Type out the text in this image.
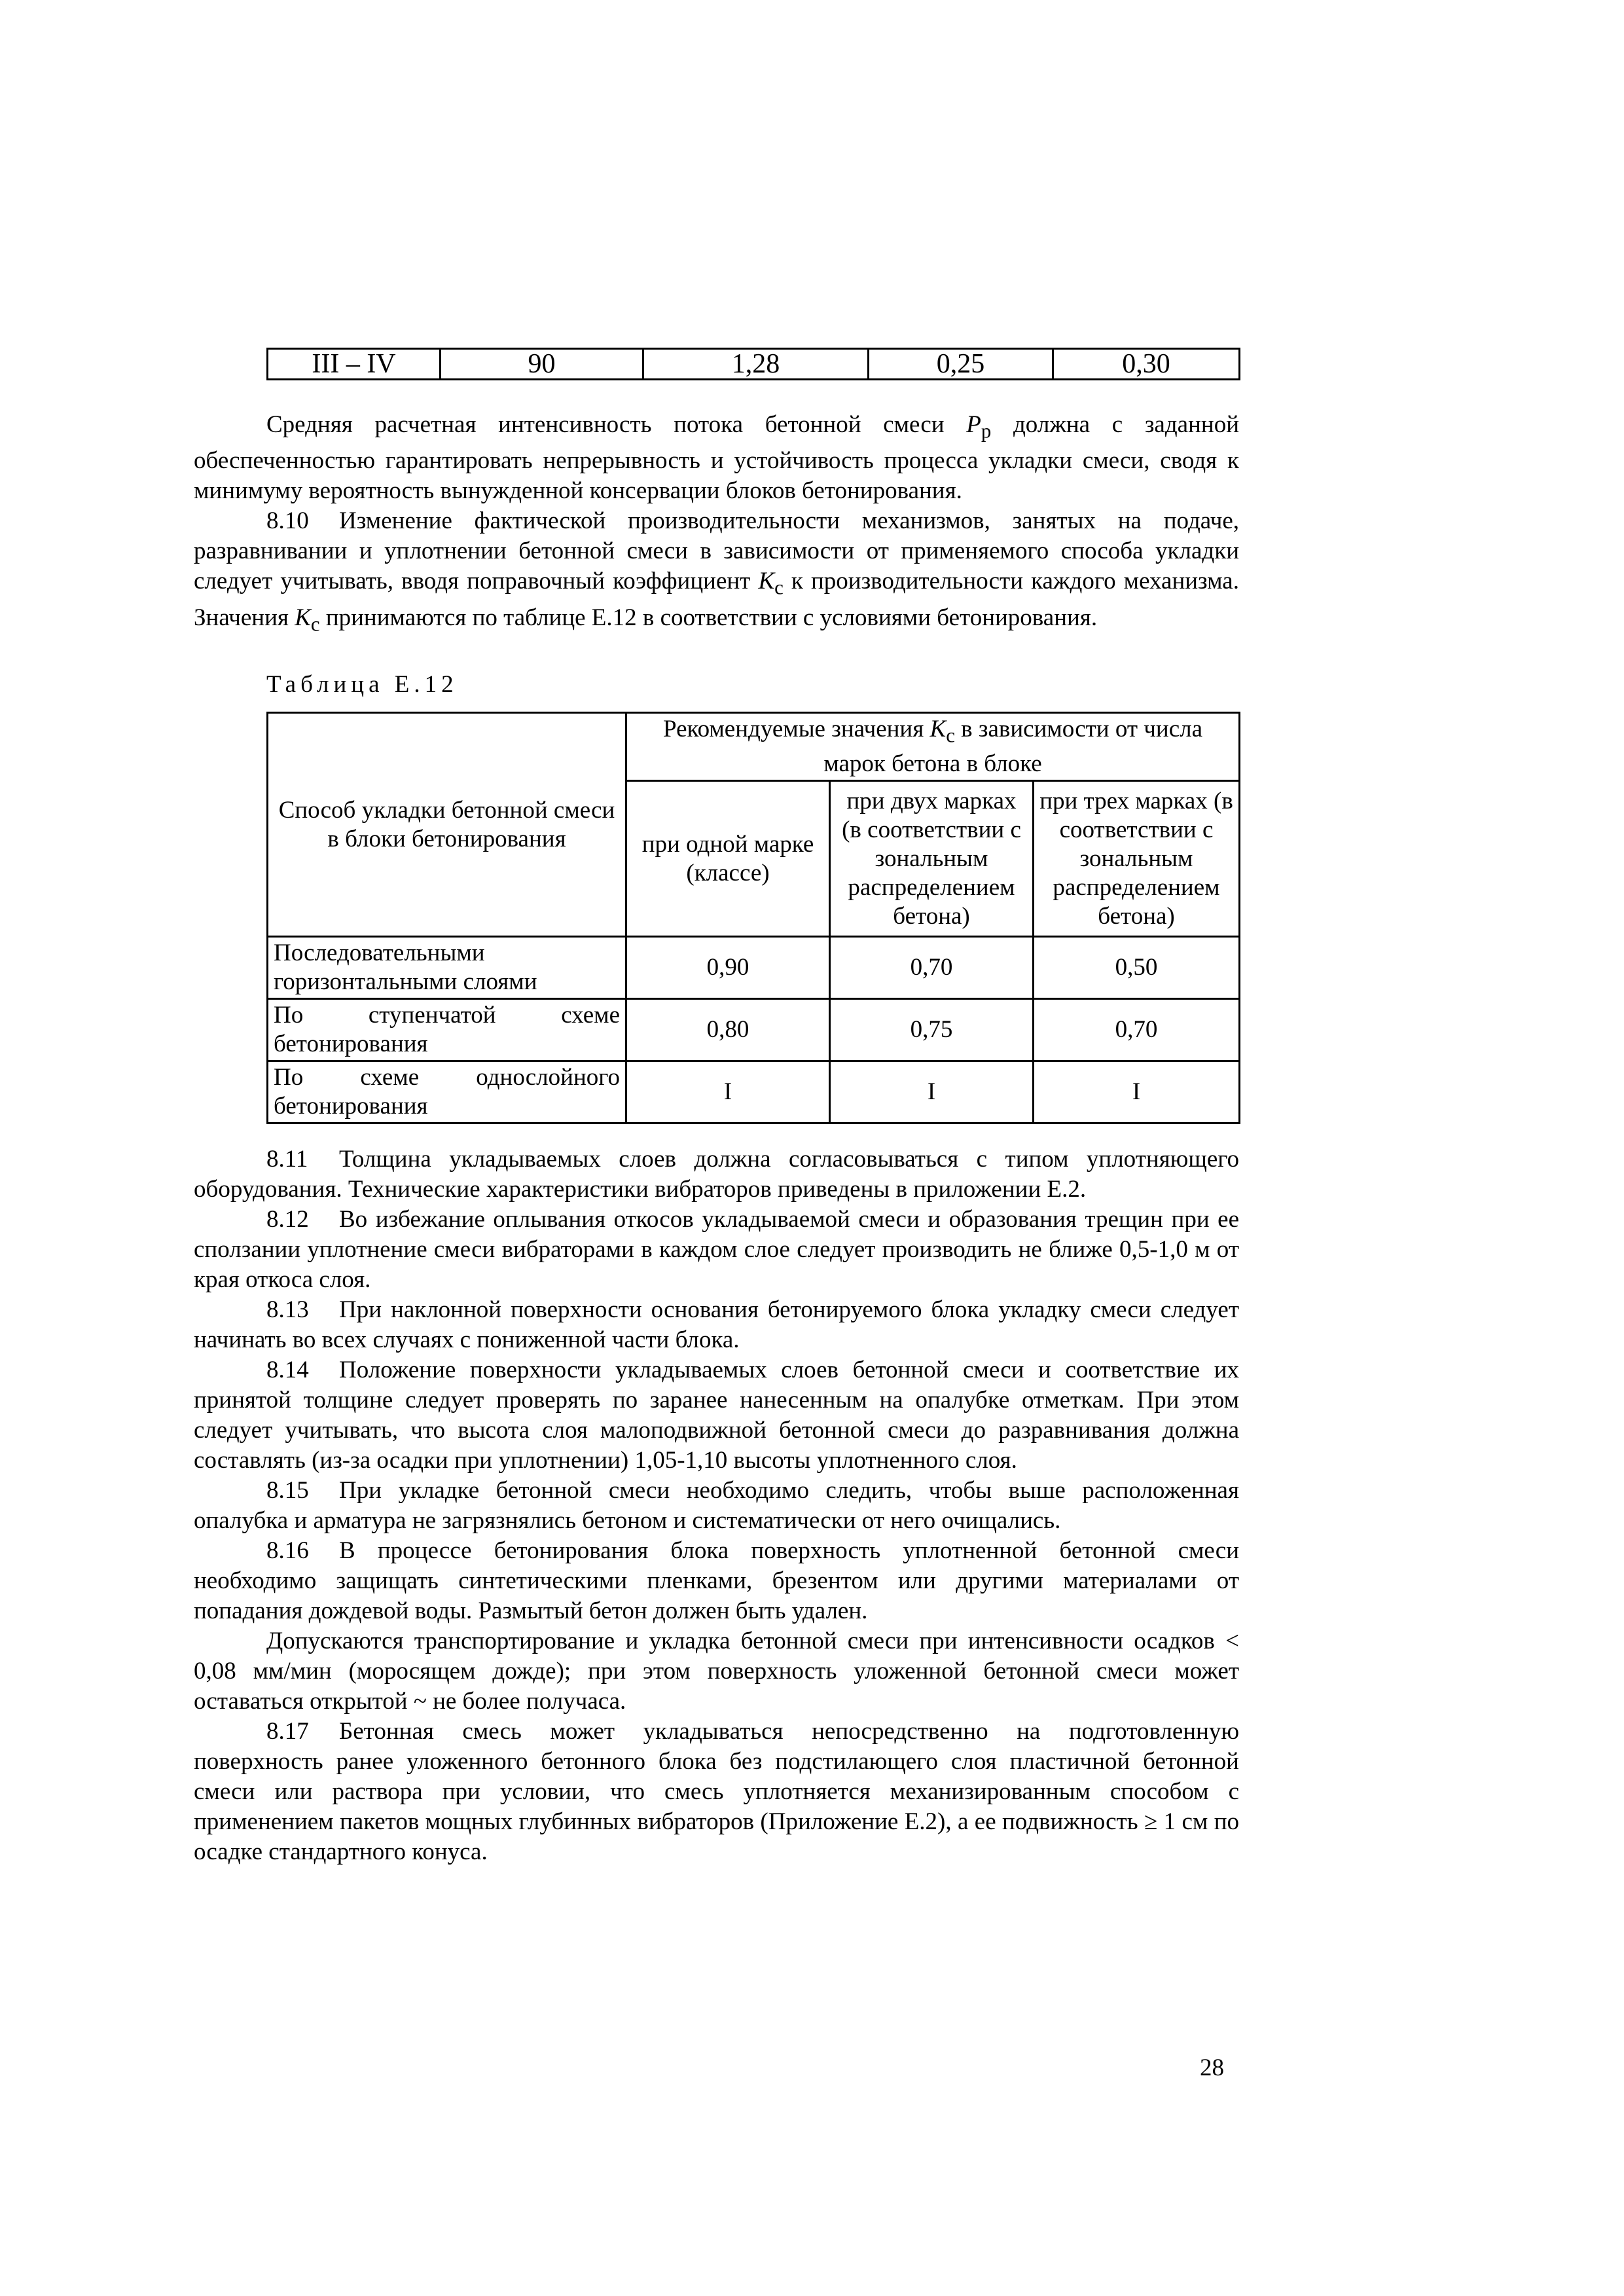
III – IV	90	1,28	0,25	0,30

Средняя расчетная интенсивность потока бетонной смеси $P_р$ должна с заданной обеспеченностью гарантировать непрерывность и устойчивость процесса укладки смеси, сводя к минимуму вероятность вынужденной консервации блоков бетонирования.

8.10 Изменение фактической производительности механизмов, занятых на подаче, разравнивании и уплотнении бетонной смеси в зависимости от применяемого способа укладки следует учитывать, вводя поправочный коэффициент $K_c$ к производительности каждого механизма. Значения $K_c$ принимаются по таблице Е.12 в соответствии с условиями бетонирования.

Таблица Е.12
Способ укладки бетонной смеси в блоки бетонирования	Рекомендуемые значения $K_c$ в зависимости от числа марок бетона в блоке		
	при одной марке (классе)	при двух марках (в соответствии с зональным распределением бетона)	при трех марках (в соответствии с зональным распределением бетона)
Последовательными горизонтальными слоями	0,90	0,70	0,50
По ступенчатой схеме бетонирования	0,80	0,75	0,70
По схеме однослойного бетонирования	I	I	I

8.11 Толщина укладываемых слоев должна согласовываться с типом уплотняющего оборудования. Технические характеристики вибраторов приведены в приложении Е.2.

8.12 Во избежание оплывания откосов укладываемой смеси и образования трещин при ее сползании уплотнение смеси вибраторами в каждом слое следует производить не ближе 0,5-1,0 м от края откоса слоя.

8.13 При наклонной поверхности основания бетонируемого блока укладку смеси следует начинать во всех случаях с пониженной части блока.

8.14 Положение поверхности укладываемых слоев бетонной смеси и соответствие их принятой толщине следует проверять по заранее нанесенным на опалубке отметкам. При этом следует учитывать, что высота слоя малоподвижной бетонной смеси до разравнивания должна составлять (из-за осадки при уплотнении) 1,05-1,10 высоты уплотненного слоя.

8.15 При укладке бетонной смеси необходимо следить, чтобы выше расположенная опалубка и арматура не загрязнялись бетоном и систематически от него очищались.

8.16 В процессе бетонирования блока поверхность уплотненной бетонной смеси необходимо защищать синтетическими пленками, брезентом или другими материалами от попадания дождевой воды. Размытый бетон должен быть удален.

Допускаются транспортирование и укладка бетонной смеси при интенсивности осадков < 0,08 мм/мин (моросящем дожде); при этом поверхность уложенной бетонной смеси может оставаться открытой ~ не более получаса.

8.17 Бетонная смесь может укладываться непосредственно на подготовленную поверхность ранее уложенного бетонного блока без подстилающего слоя пластичной бетонной смеси или раствора при условии, что смесь уплотняется механизированным способом с применением пакетов мощных глубинных вибраторов (Приложение Е.2), а ее подвижность ≥ 1 см по осадке стандартного конуса.

28
